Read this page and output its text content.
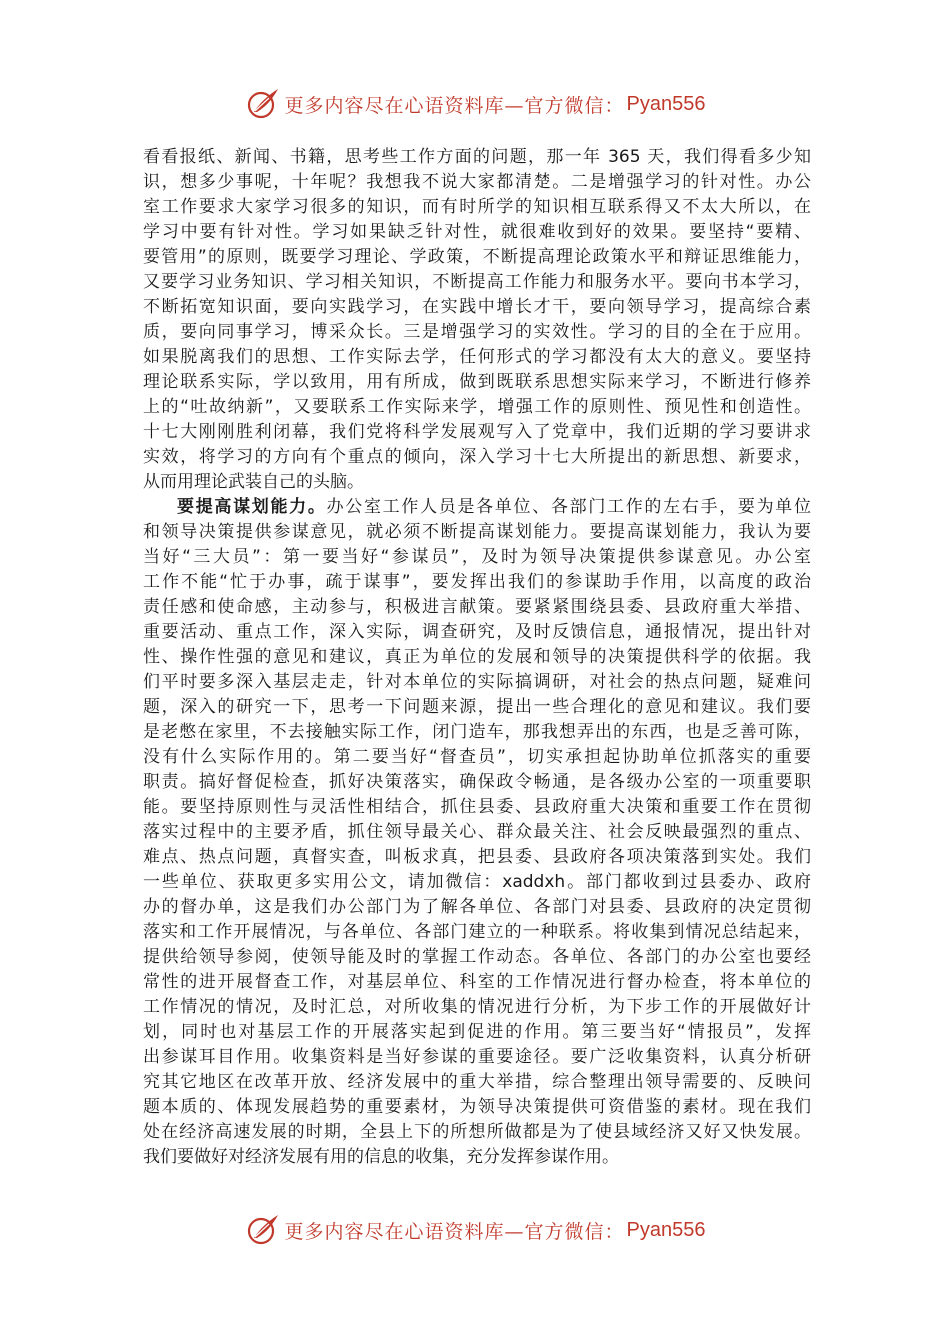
更多内容尽在心语资料库—官方微信： Pyan556
看看报纸、新闻、书籍，思考些工作方面的问题，那一年 365 天，我们得看多少知
识，想多少事呢，十年呢？我想我不说大家都清楚。二是增强学习的针对性。办公
室工作要求大家学习很多的知识，而有时所学的知识相互联系得又不太大所以，在
学习中要有针对性。学习如果缺乏针对性，就很难收到好的效果。要坚持“要精、
要管用”的原则，既要学习理论、学政策，不断提高理论政策水平和辩证思维能力，
又要学习业务知识、学习相关知识，不断提高工作能力和服务水平。要向书本学习，
不断拓宽知识面，要向实践学习，在实践中增长才干，要向领导学习，提高综合素
质，要向同事学习，博采众长。三是增强学习的实效性。学习的目的全在于应用。
如果脱离我们的思想、工作实际去学，任何形式的学习都没有太大的意义。要坚持
理论联系实际，学以致用，用有所成，做到既联系思想实际来学习，不断进行修养
上的“吐故纳新”，又要联系工作实际来学，增强工作的原则性、预见性和创造性。
十七大刚刚胜利闭幕，我们党将科学发展观写入了党章中，我们近期的学习要讲求
实效，将学习的方向有个重点的倾向，深入学习十七大所提出的新思想、新要求，
从而用理论武装自己的头脑。
要提高谋划能力。办公室工作人员是各单位、各部门工作的左右手，要为单位
和领导决策提供参谋意见，就必须不断提高谋划能力。要提高谋划能力，我认为要
当好“三大员”：第一要当好“参谋员”，及时为领导决策提供参谋意见。办公室
工作不能“忙于办事，疏于谋事”，要发挥出我们的参谋助手作用，以高度的政治
责任感和使命感，主动参与，积极进言献策。要紧紧围绕县委、县政府重大举措、
重要活动、重点工作，深入实际，调查研究，及时反馈信息，通报情况，提出针对
性、操作性强的意见和建议，真正为单位的发展和领导的决策提供科学的依据。我
们平时要多深入基层走走，针对本单位的实际搞调研，对社会的热点问题，疑难问
题，深入的研究一下，思考一下问题来源，提出一些合理化的意见和建议。我们要
是老憋在家里，不去接触实际工作，闭门造车，那我想弄出的东西，也是乏善可陈，
没有什么实际作用的。第二要当好“督查员”，切实承担起协助单位抓落实的重要
职责。搞好督促检查，抓好决策落实，确保政令畅通，是各级办公室的一项重要职
能。要坚持原则性与灵活性相结合，抓住县委、县政府重大决策和重要工作在贯彻
落实过程中的主要矛盾，抓住领导最关心、群众最关注、社会反映最强烈的重点、
难点、热点问题，真督实查，叫板求真，把县委、县政府各项决策落到实处。我们
一些单位、获取更多实用公文，请加微信：xaddxh。部门都收到过县委办、政府
办的督办单，这是我们办公部门为了解各单位、各部门对县委、县政府的决定贯彻
落实和工作开展情况，与各单位、各部门建立的一种联系。将收集到情况总结起来，
提供给领导参阅，使领导能及时的掌握工作动态。各单位、各部门的办公室也要经
常性的进开展督查工作，对基层单位、科室的工作情况进行督办检查，将本单位的
工作情况的情况，及时汇总，对所收集的情况进行分析，为下步工作的开展做好计
划，同时也对基层工作的开展落实起到促进的作用。第三要当好“情报员”，发挥
出参谋耳目作用。收集资料是当好参谋的重要途径。要广泛收集资料，认真分析研
究其它地区在改革开放、经济发展中的重大举措，综合整理出领导需要的、反映问
题本质的、体现发展趋势的重要素材，为领导决策提供可资借鉴的素材。现在我们
处在经济高速发展的时期，全县上下的所想所做都是为了使县域经济又好又快发展。
我们要做好对经济发展有用的信息的收集，充分发挥参谋作用。
更多内容尽在心语资料库—官方微信： Pyan556
